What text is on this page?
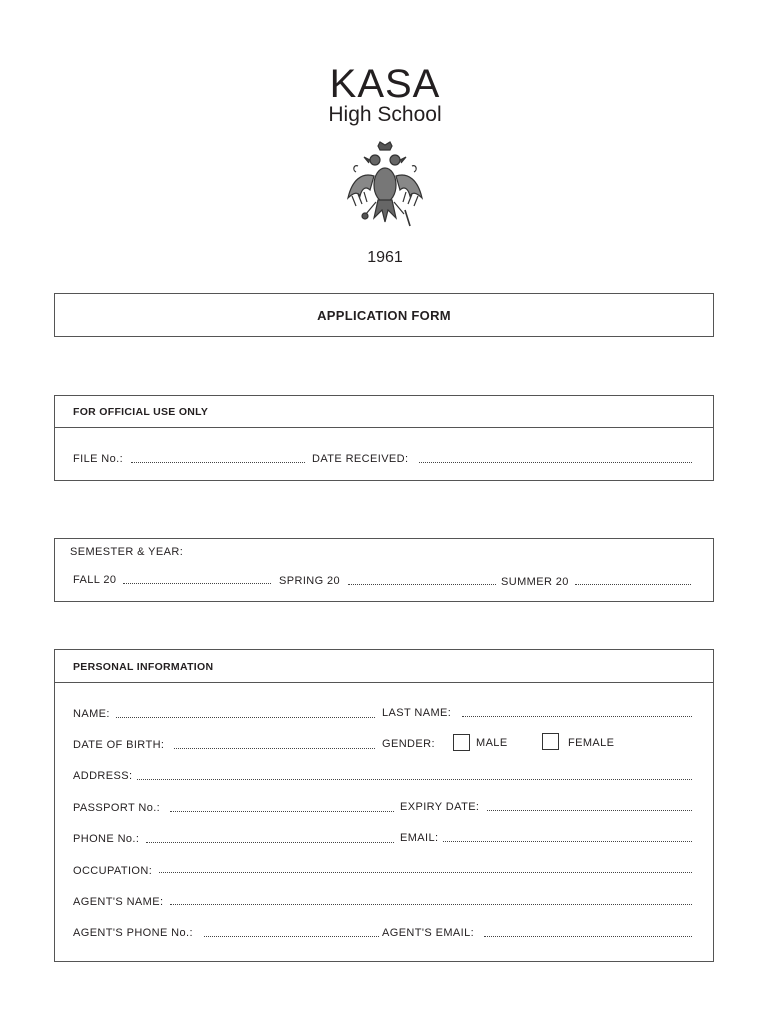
KASA
High School
1961
APPLICATION FORM
FOR OFFICIAL USE ONLY
FILE No.:	DATE RECEIVED:
SEMESTER & YEAR:
FALL 20	SPRING 20	SUMMER 20
PERSONAL INFORMATION
NAME:	LAST NAME:
DATE OF BIRTH:	GENDER:	MALE	FEMALE
ADDRESS:
PASSPORT No.:	EXPIRY DATE:
PHONE No.:	EMAIL:
OCCUPATION:
AGENT'S NAME:
AGENT'S PHONE No.:	AGENT'S EMAIL:
